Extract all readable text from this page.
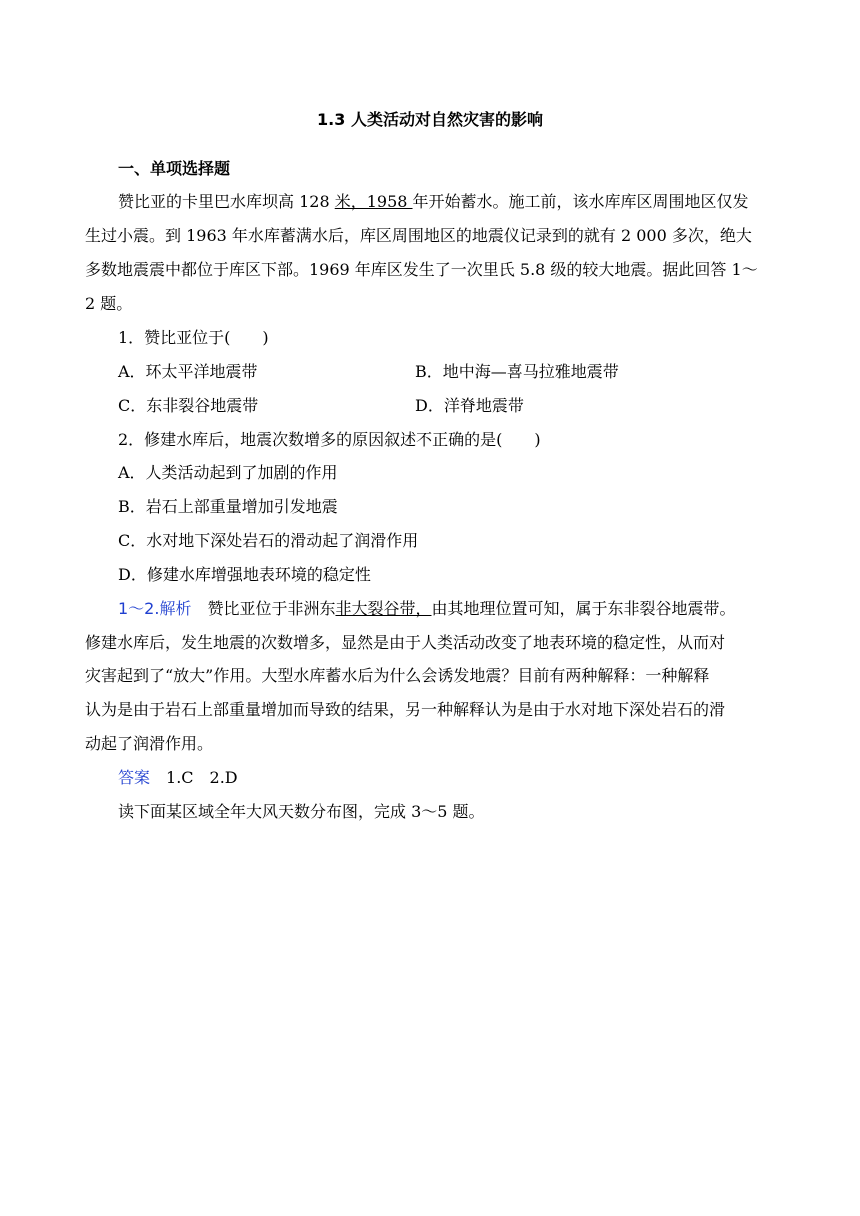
1.3 人类活动对自然灾害的影响
一、单项选择题
赞比亚的卡里巴水库坝高 128 米，1958 年开始蓄水。施工前，该水库库区周围地区仅发
生过小震。到 1963 年水库蓄满水后，库区周围地区的地震仪记录到的就有 2 000 多次，绝大
多数地震震中都位于库区下部。1969 年库区发生了一次里氏 5.8 级的较大地震。据此回答 1～
2 题。
1．赞比亚位于(　　)
A．环太平洋地震带	B．地中海—喜马拉雅地震带
C．东非裂谷地震带	D．洋脊地震带
2．修建水库后，地震次数增多的原因叙述不正确的是(　　)
A．人类活动起到了加剧的作用
B．岩石上部重量增加引发地震
C．水对地下深处岩石的滑动起了润滑作用
D．修建水库增强地表环境的稳定性
1～2.解析　赞比亚位于非洲东非大裂谷带，由其地理位置可知，属于东非裂谷地震带。
修建水库后，发生地震的次数增多，显然是由于人类活动改变了地表环境的稳定性，从而对
灾害起到了“放大”作用。大型水库蓄水后为什么会诱发地震？目前有两种解释：一种解释
认为是由于岩石上部重量增加而导致的结果，另一种解释认为是由于水对地下深处岩石的滑
动起了润滑作用。
答案　1.C　2.D
读下面某区域全年大风天数分布图，完成 3～5 题。
